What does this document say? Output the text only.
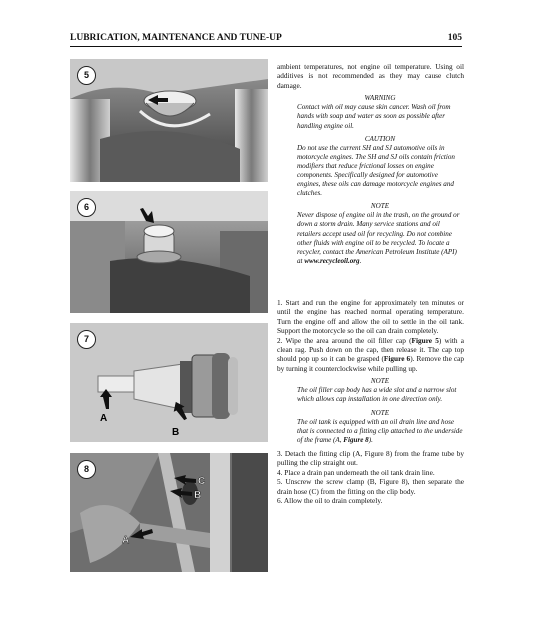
LUBRICATION, MAINTENANCE AND TUNE-UP	105
5
6
A
B
7
C
B
A
8

ambient temperatures, not engine oil temperature. Using oil additives is not recommended as they may cause clutch damage.

WARNING
Contact with oil may cause skin cancer. Wash oil from hands with soap and water as soon as possible after handling engine oil.
CAUTION
Do not use the current SH and SJ automotive oils in motorcycle engines. The SH and SJ oils contain friction modifiers that reduce frictional losses on engine components. Specifically designed for automotive engines, these oils can damage motorcycle engines and clutches.
NOTE
Never dispose of engine oil in the trash, on the ground or down a storm drain. Many service stations and oil retailers accept used oil for recycling. Do not combine other fluids with engine oil to be recycled. To locate a recycler, contact the American Petroleum Institute (API) at www.recycleoil.org.

1. Start and run the engine for approximately ten minutes or until the engine has reached normal operating temperature. Turn the engine off and allow the oil to settle in the oil tank. Support the motorcycle so the oil can drain completely.

2. Wipe the area around the oil filler cap (Figure 5) with a clean rag. Push down on the cap, then release it. The cap top should pop up so it can be grasped (Figure 6). Remove the cap by turning it counterclockwise while pulling up.

NOTE
The oil filler cap body has a wide slot and a narrow slot which allows cap installation in one direction only.
NOTE
The oil tank is equipped with an oil drain line and hose that is connected to a fitting clip attached to the underside of the frame (A, Figure 8).

3. Detach the fitting clip (A, Figure 8) from the frame tube by pulling the clip straight out.

4. Place a drain pan underneath the oil tank drain line.

5. Unscrew the screw clamp (B, Figure 8), then separate the drain hose (C) from the fitting on the clip body.

6. Allow the oil to drain completely.
